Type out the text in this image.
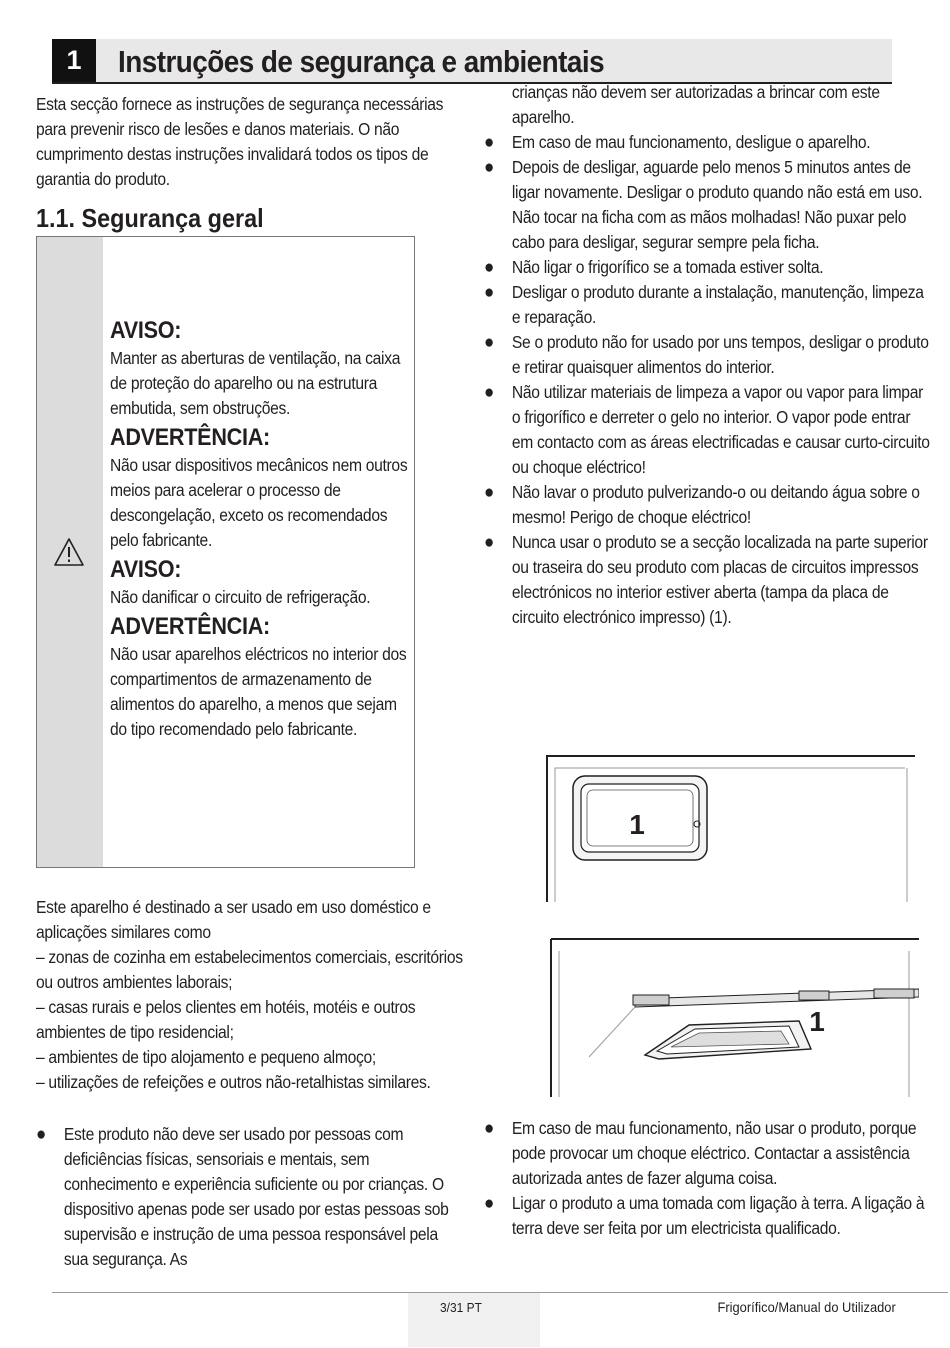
1	Instruções de segurança e ambientais
Esta secção fornece as instruções de segurança necessárias para prevenir risco de lesões e danos materiais. O não cumprimento destas instruções invalidará todos os tipos de garantia do produto.
1.1. Segurança geral
AVISO:
Manter as aberturas de ventilação, na caixa de proteção do aparelho ou na estrutura embutida, sem obstruções.
ADVERTÊNCIA:
Não usar dispositivos mecânicos nem outros meios para acelerar o processo de descongelação, exceto os recomendados pelo fabricante.
AVISO:
Não danificar o circuito de refrigeração.
ADVERTÊNCIA:
Não usar aparelhos eléctricos no interior dos compartimentos de armazenamento de alimentos do aparelho, a menos que sejam do tipo recomendado pelo fabricante.
Este aparelho é destinado a ser usado em uso doméstico e aplicações similares como
– zonas de cozinha em estabelecimentos comerciais, escritórios ou outros ambientes laborais;
– casas rurais e pelos clientes em hotéis, motéis e outros ambientes de tipo residencial;
– ambientes de tipo alojamento e pequeno almoço;
– utilizações de refeições e outros não-retalhistas similares.
● Este produto não deve ser usado por pessoas com deficiências físicas, sensoriais e mentais, sem conhecimento e experiência suficiente ou por crianças. O dispositivo apenas pode ser usado por estas pessoas sob supervisão e instrução de uma pessoa responsável pela sua segurança. As
crianças não devem ser autorizadas a brincar com este aparelho.
● Em caso de mau funcionamento, desligue o aparelho.
● Depois de desligar, aguarde pelo menos 5 minutos antes de ligar novamente. Desligar o produto quando não está em uso. Não tocar na ficha com as mãos molhadas! Não puxar pelo cabo para desligar, segurar sempre pela ficha.
● Não ligar o frigorífico se a tomada estiver solta.
● Desligar o produto durante a instalação, manutenção, limpeza e reparação.
● Se o produto não for usado por uns tempos, desligar o produto e retirar quaisquer alimentos do interior.
● Não utilizar materiais de limpeza a vapor ou vapor para limpar o frigorífico e derreter o gelo no interior. O vapor pode entrar em contacto com as áreas electrificadas e causar curto-circuito ou choque eléctrico!
● Não lavar o produto pulverizando-o ou deitando água sobre o mesmo! Perigo de choque eléctrico!
● Nunca usar o produto se a secção localizada na parte superior ou traseira do seu produto com placas de circuitos impressos electrónicos no interior estiver aberta (tampa da placa de circuito electrónico impresso) (1).
1
1
● Em caso de mau funcionamento, não usar o produto, porque pode provocar um choque eléctrico. Contactar a assistência autorizada antes de fazer alguma coisa.
● Ligar o produto a uma tomada com ligação à terra. A ligação à terra deve ser feita por um electricista qualificado.
3/31 PT	Frigorífico/Manual do Utilizador
